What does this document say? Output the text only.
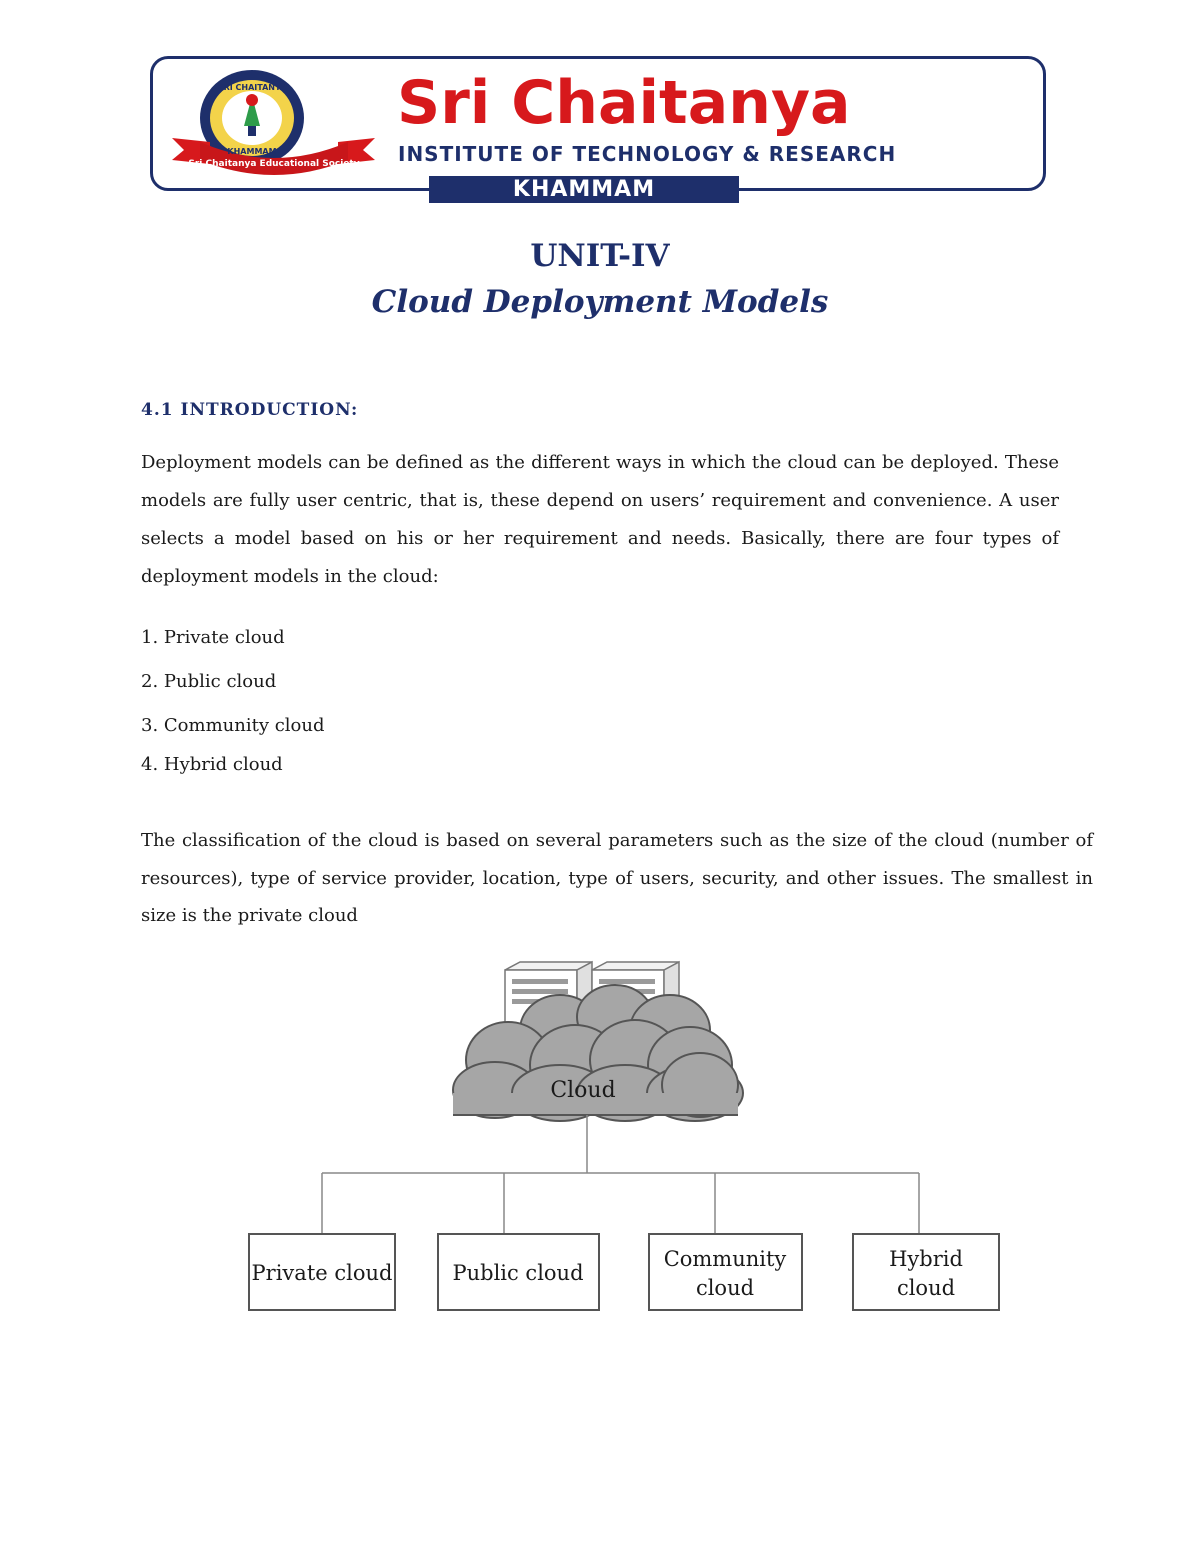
Sri Chaitanya Educational Society
SRI CHAITANYA
KHAMMAM
Sri Chaitanya
INSTITUTE OF TECHNOLOGY & RESEARCH
KHAMMAM
UNIT-IV
Cloud Deployment Models
4.1 INTRODUCTION:

Deployment models can be defined as the different ways in which the cloud can be deployed. These models are fully user centric, that is, these depend on users’ requirement and convenience. A user selects a model based on his or her requirement and needs. Basically, there are four types of deployment models in the cloud:

1. Private cloud
2. Public cloud
3. Community cloud
4. Hybrid cloud

The classification of the cloud is based on several parameters such as the size of the cloud (number of resources), type of service provider, location, type of users, security, and other issues. The smallest in size is the private cloud

Cloud
Private cloud	Public cloud
Community
cloud
Hybrid
cloud
